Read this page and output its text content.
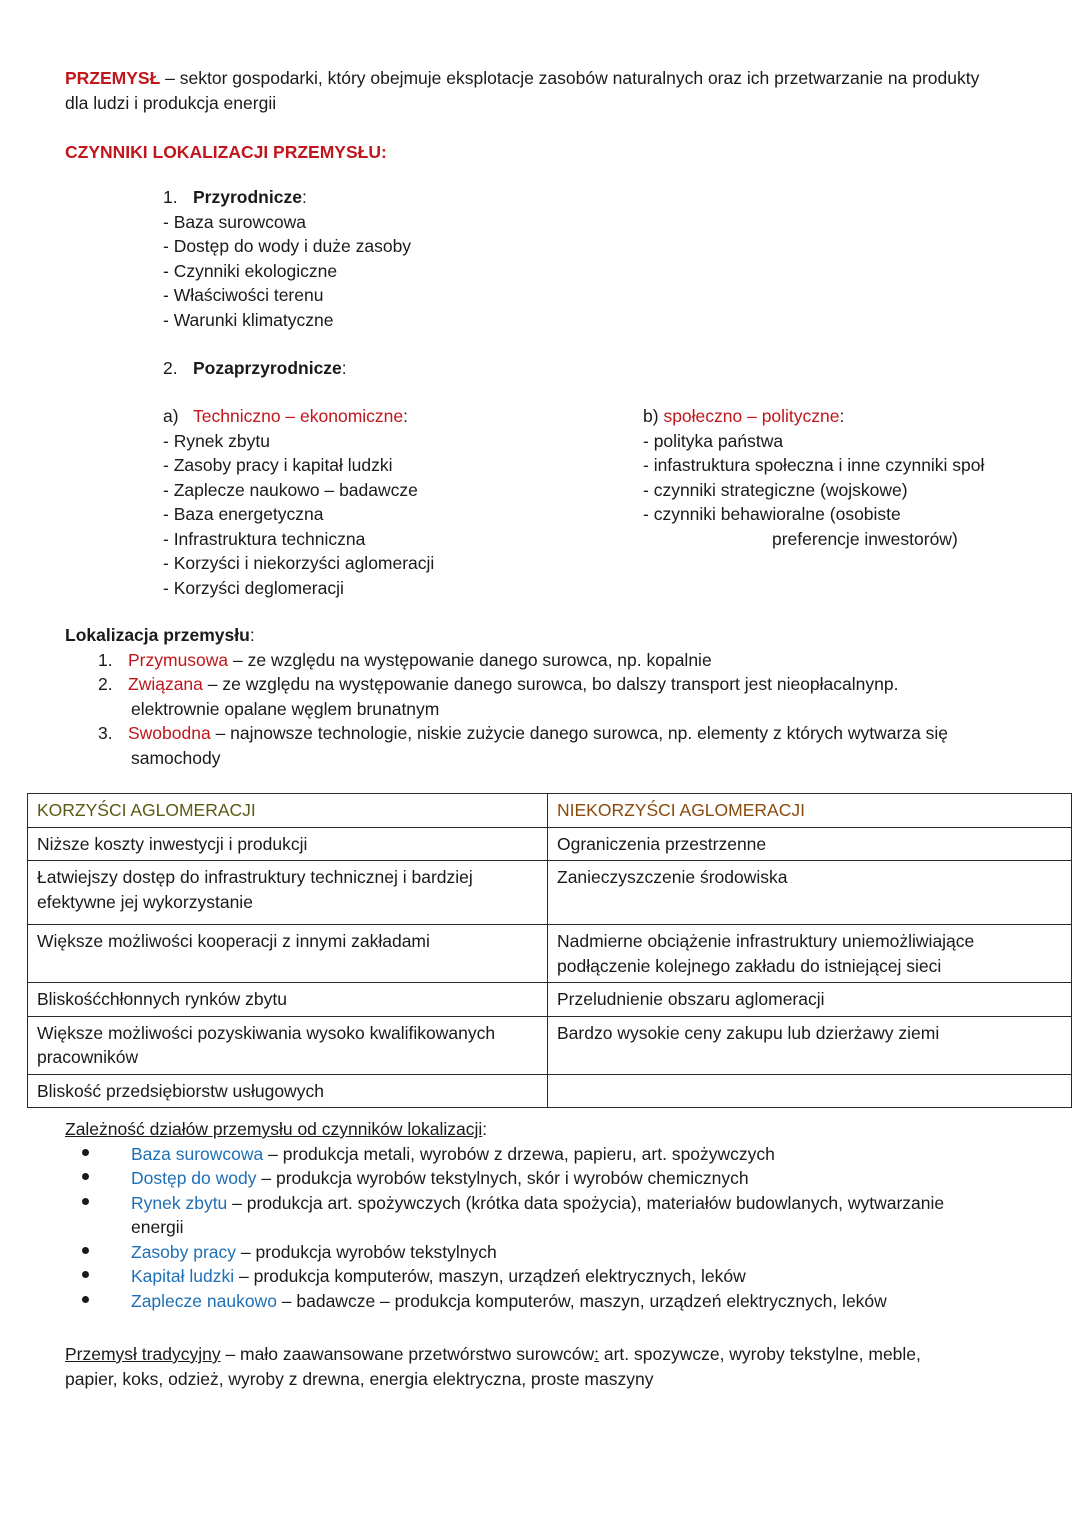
PRZEMYSŁ – sektor gospodarki, który obejmuje eksplotacje zasobów naturalnych oraz ich przetwarzanie na produkty
dla ludzi i produkcja energii
CZYNNIKI LOKALIZACJI PRZEMYSŁU:
1. Przyrodnicze:
- Baza surowcowa
- Dostęp do wody i duże zasoby
- Czynniki ekologiczne
- Właściwości terenu
- Warunki klimatyczne
2. Pozaprzyrodnicze:
a) Techniczno – ekonomiczne:
- Rynek zbytu
- Zasoby pracy i kapitał ludzki
- Zaplecze naukowo – badawcze
- Baza energetyczna
- Infrastruktura techniczna
- Korzyści i niekorzyści aglomeracji
- Korzyści deglomeracji
b) społeczno – polityczne:
- polityka państwa
- infastruktura społeczna i inne czynniki społ
- czynniki strategiczne (wojskowe)
- czynniki behawioralne (osobiste
preferencje inwestorów)
Lokalizacja przemysłu:
1. Przymusowa – ze względu na występowanie danego surowca, np. kopalnie
2. Związana – ze względu na występowanie danego surowca, bo dalszy transport jest nieopłacalnynp.
elektrownie opalane węglem brunatnym
3. Swobodna – najnowsze technologie, niskie zużycie danego surowca, np. elementy z których wytwarza się
samochody
KORZYŚCI AGLOMERACJI	NIEKORZYŚCI AGLOMERACJI

Niższe koszty inwestycji i produkcji	Ograniczenia przestrzenne

Łatwiejszy dostęp do infrastruktury technicznej i bardziej
efektywne jej wykorzystanie	Zanieczyszczenie środowiska

Większe możliwości kooperacji z innymi zakładami	Nadmierne obciążenie infrastruktury uniemożliwiające
podłączenie kolejnego zakładu do istniejącej sieci

Bliskośćchłonnych rynków zbytu	Przeludnienie obszaru aglomeracji

Większe możliwości pozyskiwania wysoko kwalifikowanych
pracowników	Bardzo wysokie ceny zakupu lub dzierżawy ziemi

Bliskość przedsiębiorstw usługowych	

Zależność działów przemysłu od czynników lokalizacji:
Baza surowcowa – produkcja metali, wyrobów z drzewa, papieru, art. spożywczych
Dostęp do wody – produkcja wyrobów tekstylnych, skór i wyrobów chemicznych
Rynek zbytu – produkcja art. spożywczych (krótka data spożycia), materiałów budowlanych, wytwarzanie
energii
Zasoby pracy – produkcja wyrobów tekstylnych
Kapitał ludzki – produkcja komputerów, maszyn, urządzeń elektrycznych, leków
Zaplecze naukowo – badawcze – produkcja komputerów, maszyn, urządzeń elektrycznych, leków
Przemysł tradycyjny – mało zaawansowane przetwórstwo surowców: art. spozywcze, wyroby tekstylne, meble,
papier, koks, odzież, wyroby z drewna, energia elektryczna, proste maszyny
